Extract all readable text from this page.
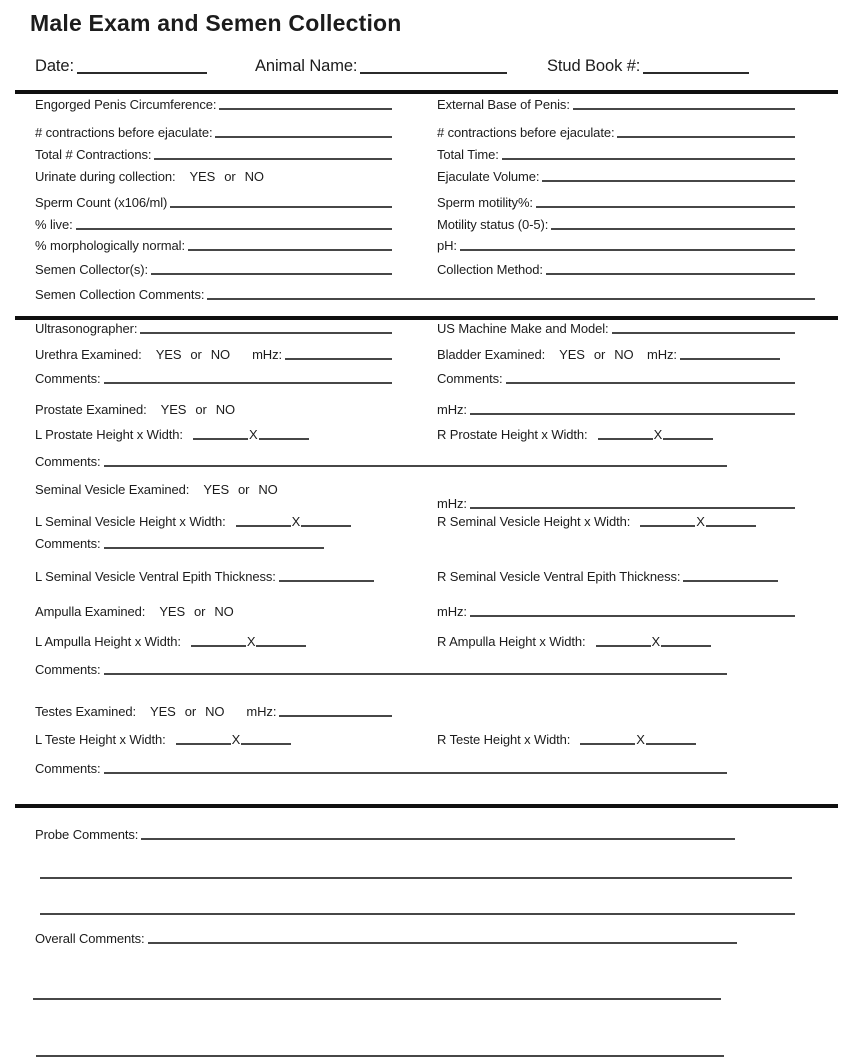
Male Exam and Semen Collection
Date:	Animal Name:	Stud Book #:
Engorged Penis Circumference:	External Base of Penis:
# contractions before ejaculate:	# contractions before ejaculate:
Total # Contractions:	Total Time:
Urinate during collection: YES or NO	Ejaculate Volume:
Sperm Count (x106/ml)	Sperm motility%:
% live:	Motility status (0-5):
% morphologically normal:	pH:
Semen Collector(s):	Collection Method:
Semen Collection Comments:
Ultrasonographer:	US Machine Make and Model:
Urethra Examined: YES or NO mHz:	Bladder Examined: YES or NO mHz:
Comments:	Comments:
Prostate Examined: YES or NO	mHz:
L Prostate Height x Width:	X	R Prostate Height x Width:	X
Comments:
Seminal Vesicle Examined: YES or NO
mHz:
L Seminal Vesicle Height x Width:	X	R Seminal Vesicle Height x Width:	X
Comments:
L Seminal Vesicle Ventral Epith Thickness:	R Seminal Vesicle Ventral Epith Thickness:
Ampulla Examined: YES or NO	mHz:
L Ampulla Height x Width:	X	R Ampulla Height x Width:	X
Comments:
Testes Examined: YES or NO mHz:
L Teste Height x Width:	X	R Teste Height x Width:	X
Comments:
Probe Comments:
Overall Comments:
